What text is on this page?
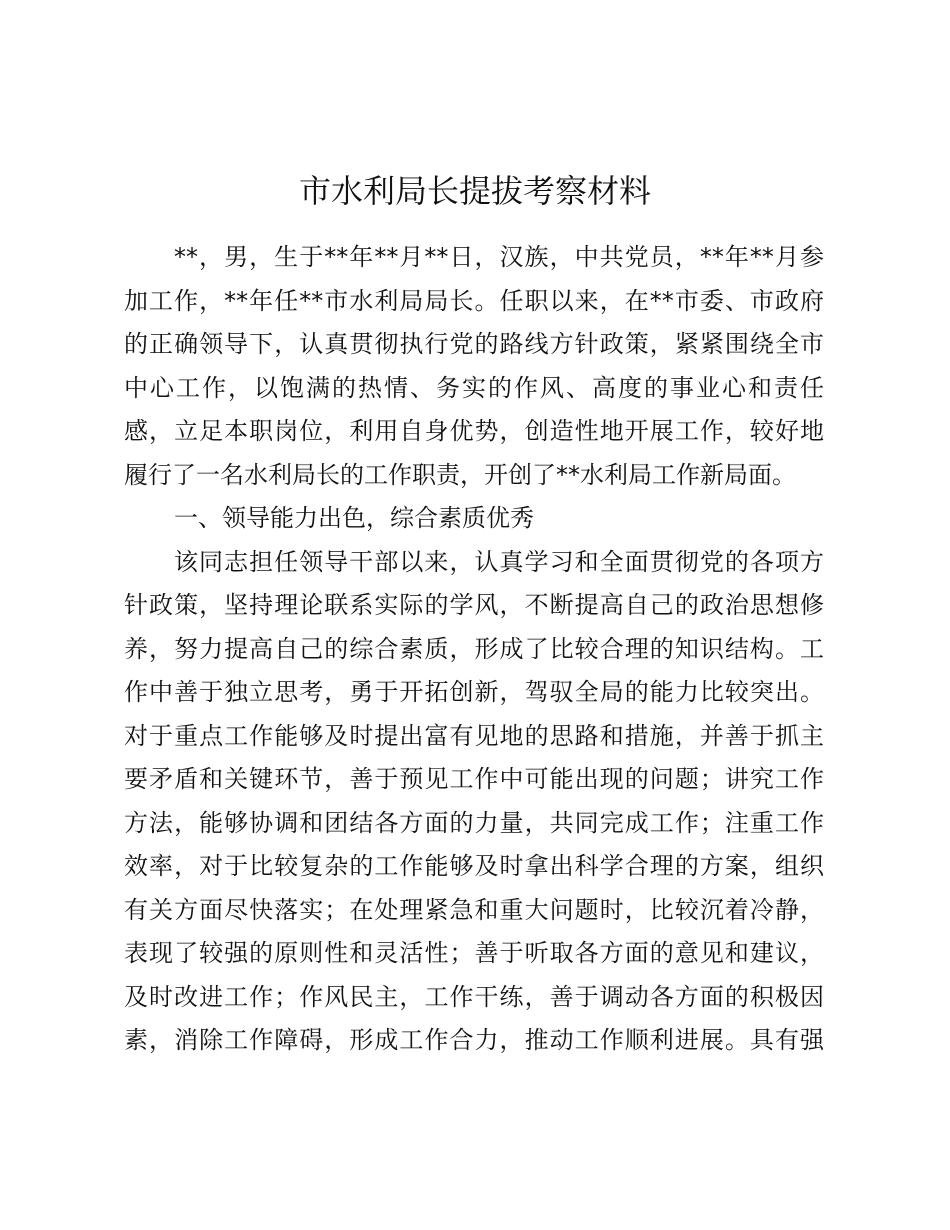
市水利局长提拔考察材料
**，男，生于**年**月**日，汉族，中共党员，**年**月参
加工作，**年任**市水利局局长。任职以来，在**市委、市政府
的正确领导下，认真贯彻执行党的路线方针政策，紧紧围绕全市
中心工作，以饱满的热情、务实的作风、高度的事业心和责任
感，立足本职岗位，利用自身优势，创造性地开展工作，较好地
履行了一名水利局长的工作职责，开创了**水利局工作新局面。
一、领导能力出色，综合素质优秀
该同志担任领导干部以来，认真学习和全面贯彻党的各项方
针政策，坚持理论联系实际的学风，不断提高自己的政治思想修
养，努力提高自己的综合素质，形成了比较合理的知识结构。工
作中善于独立思考，勇于开拓创新，驾驭全局的能力比较突出。
对于重点工作能够及时提出富有见地的思路和措施，并善于抓主
要矛盾和关键环节，善于预见工作中可能出现的问题；讲究工作
方法，能够协调和团结各方面的力量，共同完成工作；注重工作
效率，对于比较复杂的工作能够及时拿出科学合理的方案，组织
有关方面尽快落实；在处理紧急和重大问题时，比较沉着冷静，
表现了较强的原则性和灵活性；善于听取各方面的意见和建议，
及时改进工作；作风民主，工作干练，善于调动各方面的积极因
素，消除工作障碍，形成工作合力，推动工作顺利进展。具有强
